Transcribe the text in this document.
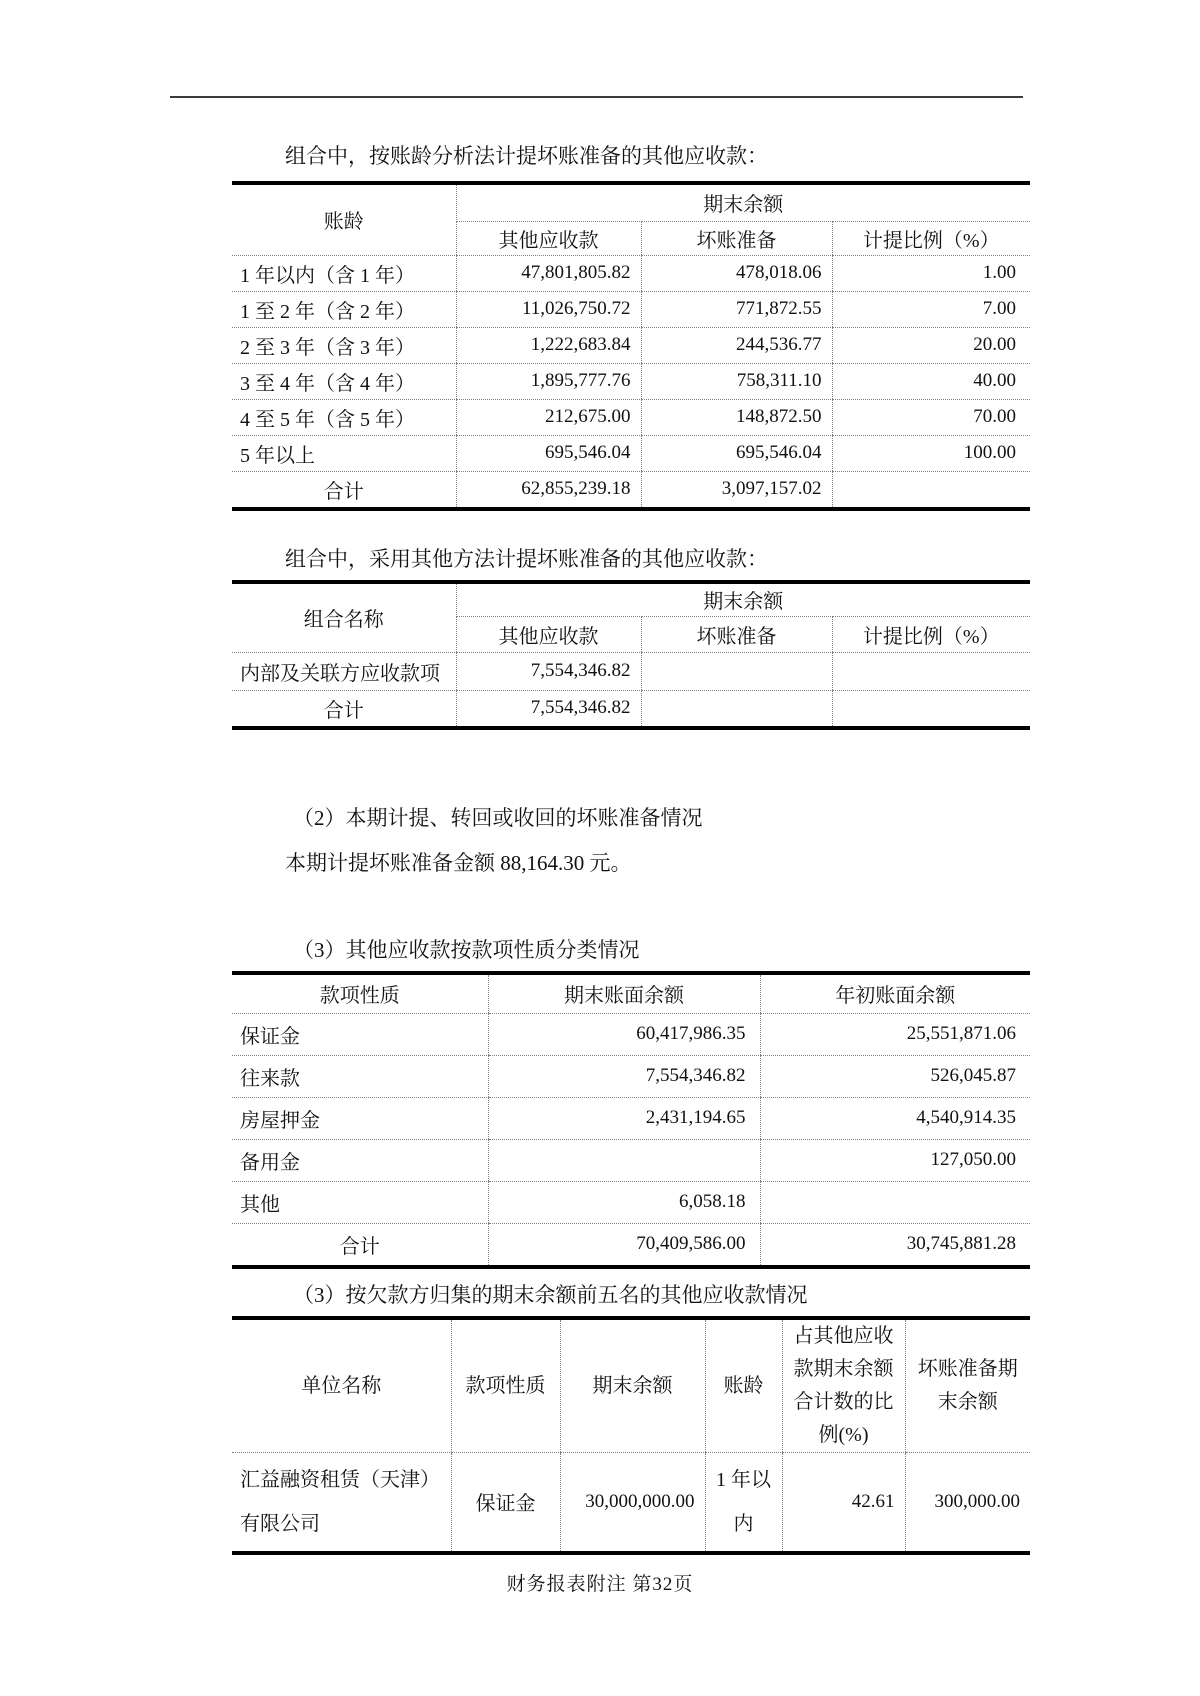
组合中，按账龄分析法计提坏账准备的其他应收款：
账龄	期末余额		
	其他应收款	坏账准备	计提比例（%）
1 年以内（含 1 年）	47,801,805.82	478,018.06	1.00
1 至 2 年（含 2 年）	11,026,750.72	771,872.55	7.00
2 至 3 年（含 3 年）	1,222,683.84	244,536.77	20.00
3 至 4 年（含 4 年）	1,895,777.76	758,311.10	40.00
4 至 5 年（含 5 年）	212,675.00	148,872.50	70.00
5 年以上	695,546.04	695,546.04	100.00
合计	62,855,239.18	3,097,157.02	
组合中，采用其他方法计提坏账准备的其他应收款：
组合名称	期末余额		
	其他应收款	坏账准备	计提比例（%）
内部及关联方应收款项	7,554,346.82		
合计	7,554,346.82		
（2）本期计提、转回或收回的坏账准备情况
本期计提坏账准备金额 88,164.30 元。
（3）其他应收款按款项性质分类情况
款项性质	期末账面余额	年初账面余额
保证金	60,417,986.35	25,551,871.06
往来款	7,554,346.82	526,045.87
房屋押金	2,431,194.65	4,540,914.35
备用金		127,050.00
其他	6,058.18	
合计	70,409,586.00	30,745,881.28
（3）按欠款方归集的期末余额前五名的其他应收款情况
单位名称	款项性质	期末余额	账龄	占其他应收款期末余额合计数的比例(%)	坏账准备期末余额
汇益融资租赁（天津）有限公司	保证金	30,000,000.00	1 年以内	42.61	300,000.00
财务报表附注 第32页
